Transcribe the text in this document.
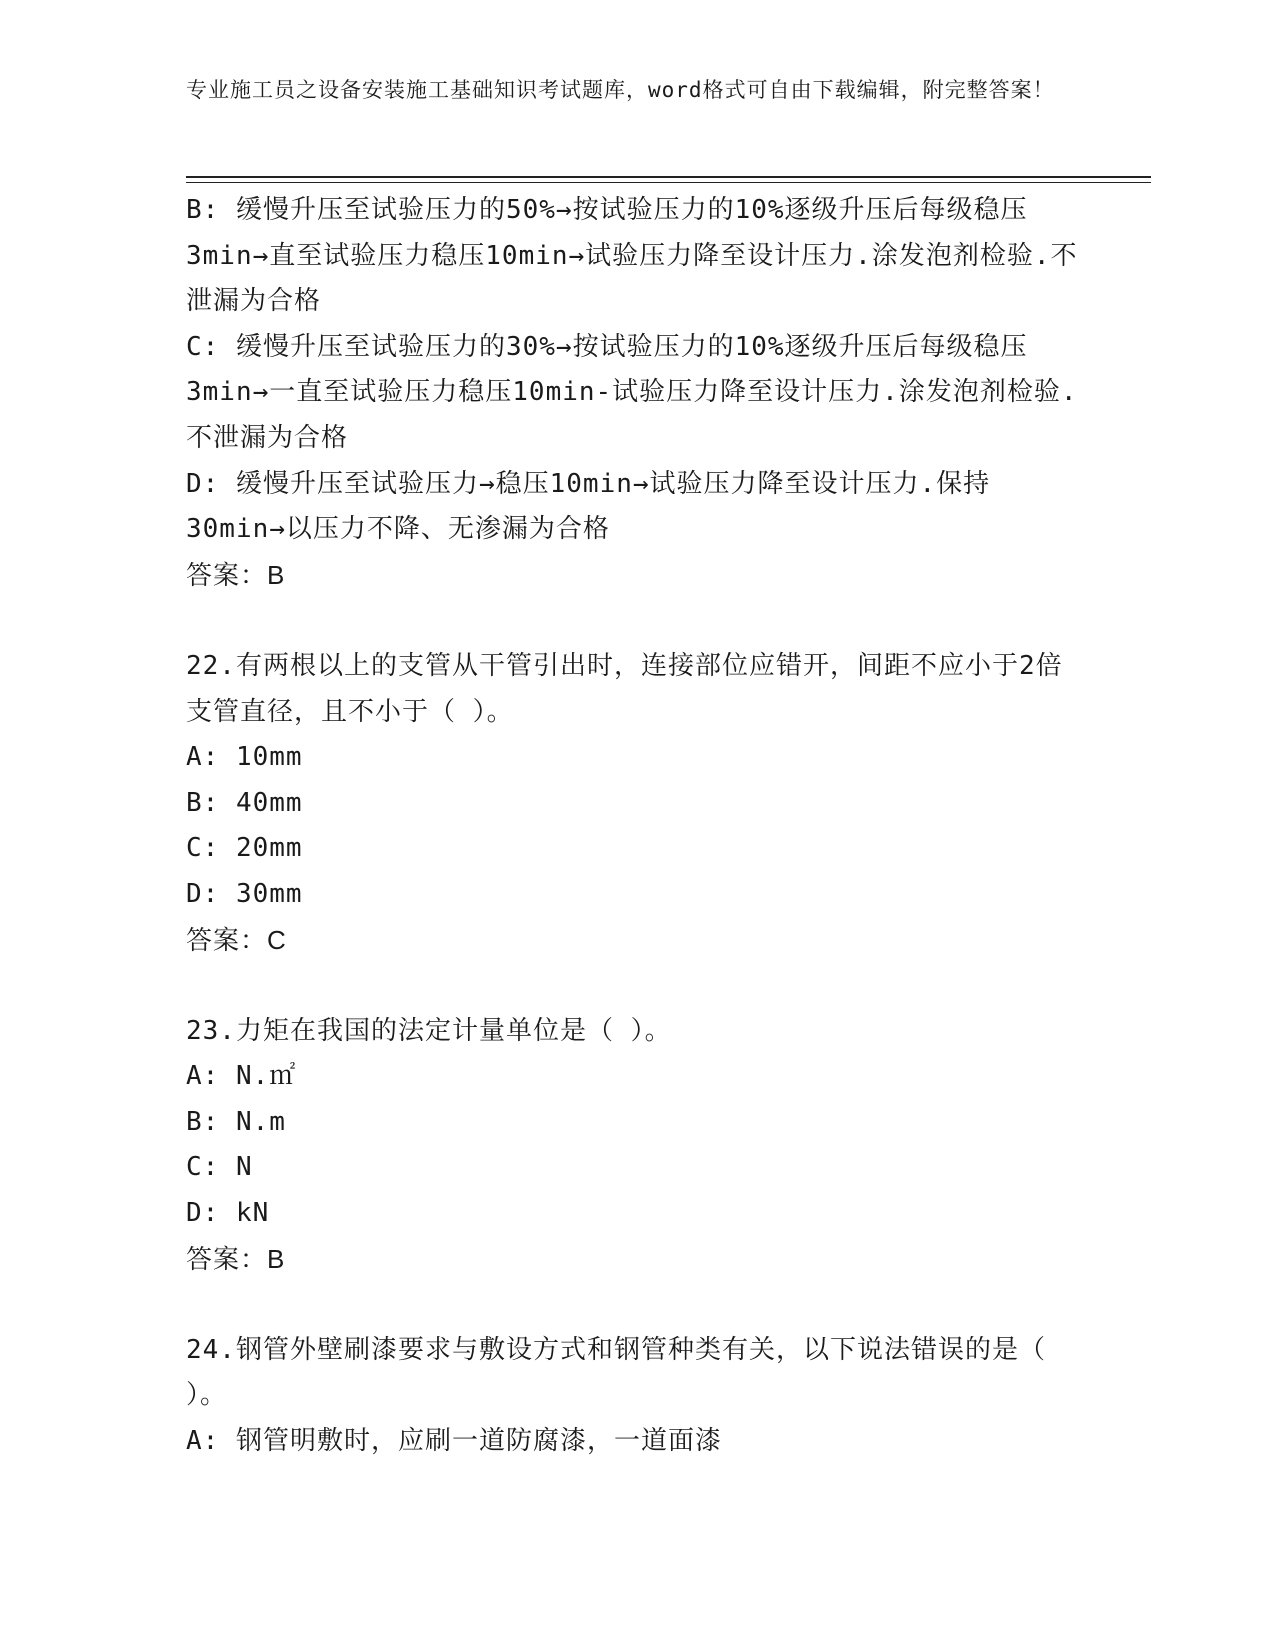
专业施工员之设备安装施工基础知识考试题库，word格式可自由下载编辑，附完整答案！

B: 缓慢升压至试验压力的50%→按试验压力的10%逐级升压后每级稳压3min→直至试验压力稳压10min→试验压力降至设计压力.涂发泡剂检验.不泄漏为合格

C: 缓慢升压至试验压力的30%→按试验压力的10%逐级升压后每级稳压3min→一直至试验压力稳压10min-试验压力降至设计压力.涂发泡剂检验.不泄漏为合格

D: 缓慢升压至试验压力→稳压10min→试验压力降至设计压力.保持30min→以压力不降、无渗漏为合格

答案：B

22.有两根以上的支管从干管引出时，连接部位应错开，间距不应小于2倍支管直径，且不小于（ ）。

A: 10mm

B: 40mm

C: 20mm

D: 30mm

答案：C

23.力矩在我国的法定计量单位是（ ）。

A: N.㎡

B: N.m

C: N

D: kN

答案：B

24.钢管外壁刷漆要求与敷设方式和钢管种类有关，以下说法错误的是（ ）。

A: 钢管明敷时，应刷一道防腐漆，一道面漆
